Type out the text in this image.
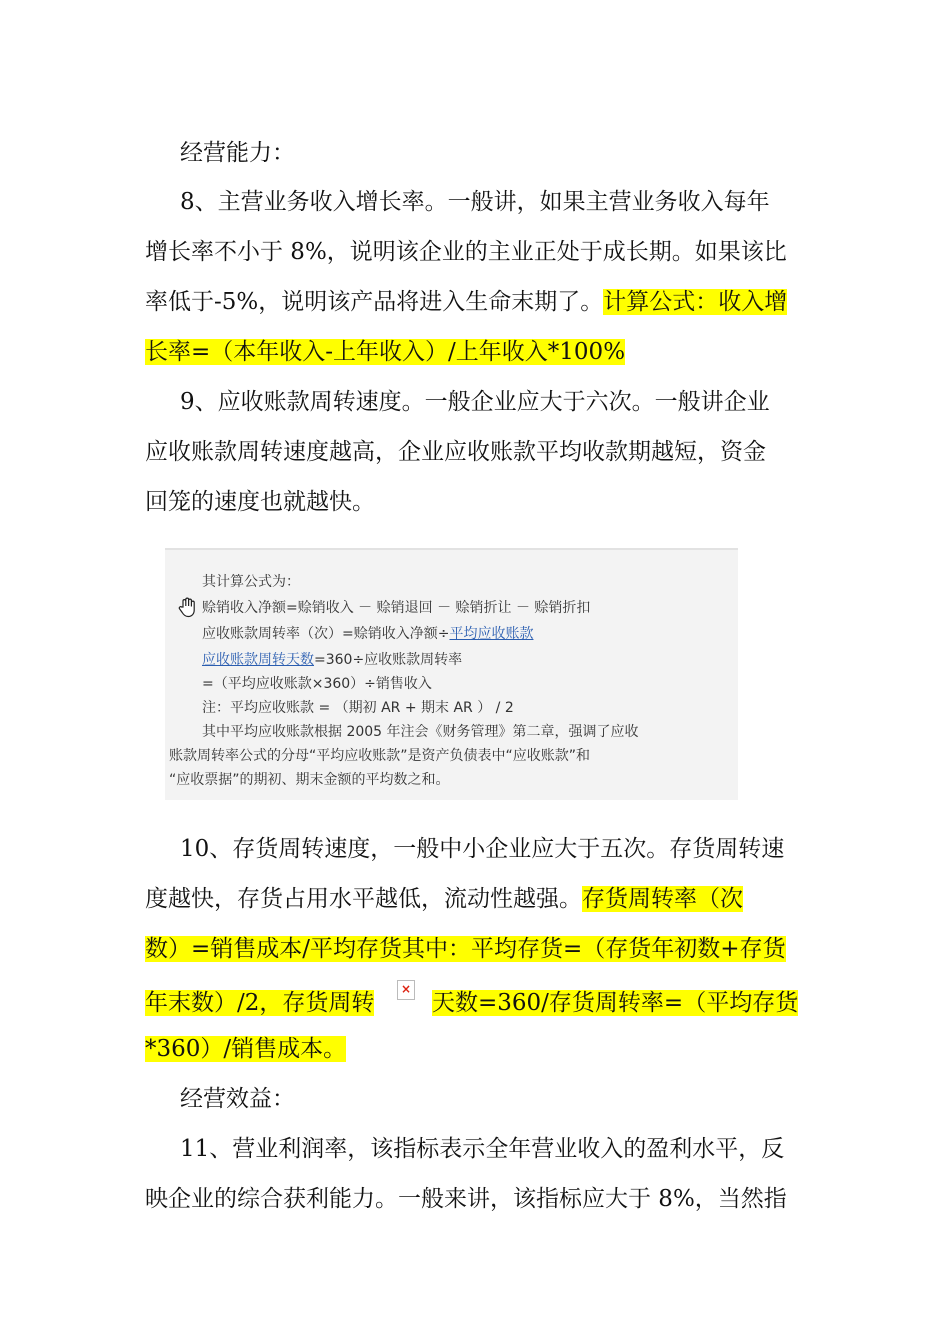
经营能力：
8、主营业务收入增长率。一般讲，如果主营业务收入每年
增长率不小于 8%，说明该企业的主业正处于成长期。如果该比
率低于-5%，说明该产品将进入生命末期了。计算公式：收入增
长率=（本年收入-上年收入）/上年收入*100%
9、应收账款周转速度。一般企业应大于六次。一般讲企业
应收账款周转速度越高，企业应收账款平均收款期越短，资金
回笼的速度也就越快。
其计算公式为：
赊销收入净额=赊销收入 － 赊销退回 － 赊销折让 － 赊销折扣
应收账款周转率（次）=赊销收入净额÷平均应收账款
应收账款周转天数=360÷应收账款周转率
=（平均应收账款×360）÷销售收入
注：平均应收账款 = （期初 AR + 期末 AR ） / 2
其中平均应收账款根据 2005 年注会《财务管理》第二章，强调了应收
账款周转率公式的分母“平均应收账款”是资产负债表中“应收账款”和
“应收票据”的期初、期末金额的平均数之和。
10、存货周转速度，一般中小企业应大于五次。存货周转速
度越快，存货占用水平越低，流动性越强。存货周转率（次
数）=销售成本/平均存货其中：平均存货=（存货年初数+存货
年末数）/2，存货周转
×
天数=360/存货周转率=（平均存货
*360）/销售成本。
经营效益：
11、营业利润率，该指标表示全年营业收入的盈利水平，反
映企业的综合获利能力。一般来讲，该指标应大于 8%，当然指
